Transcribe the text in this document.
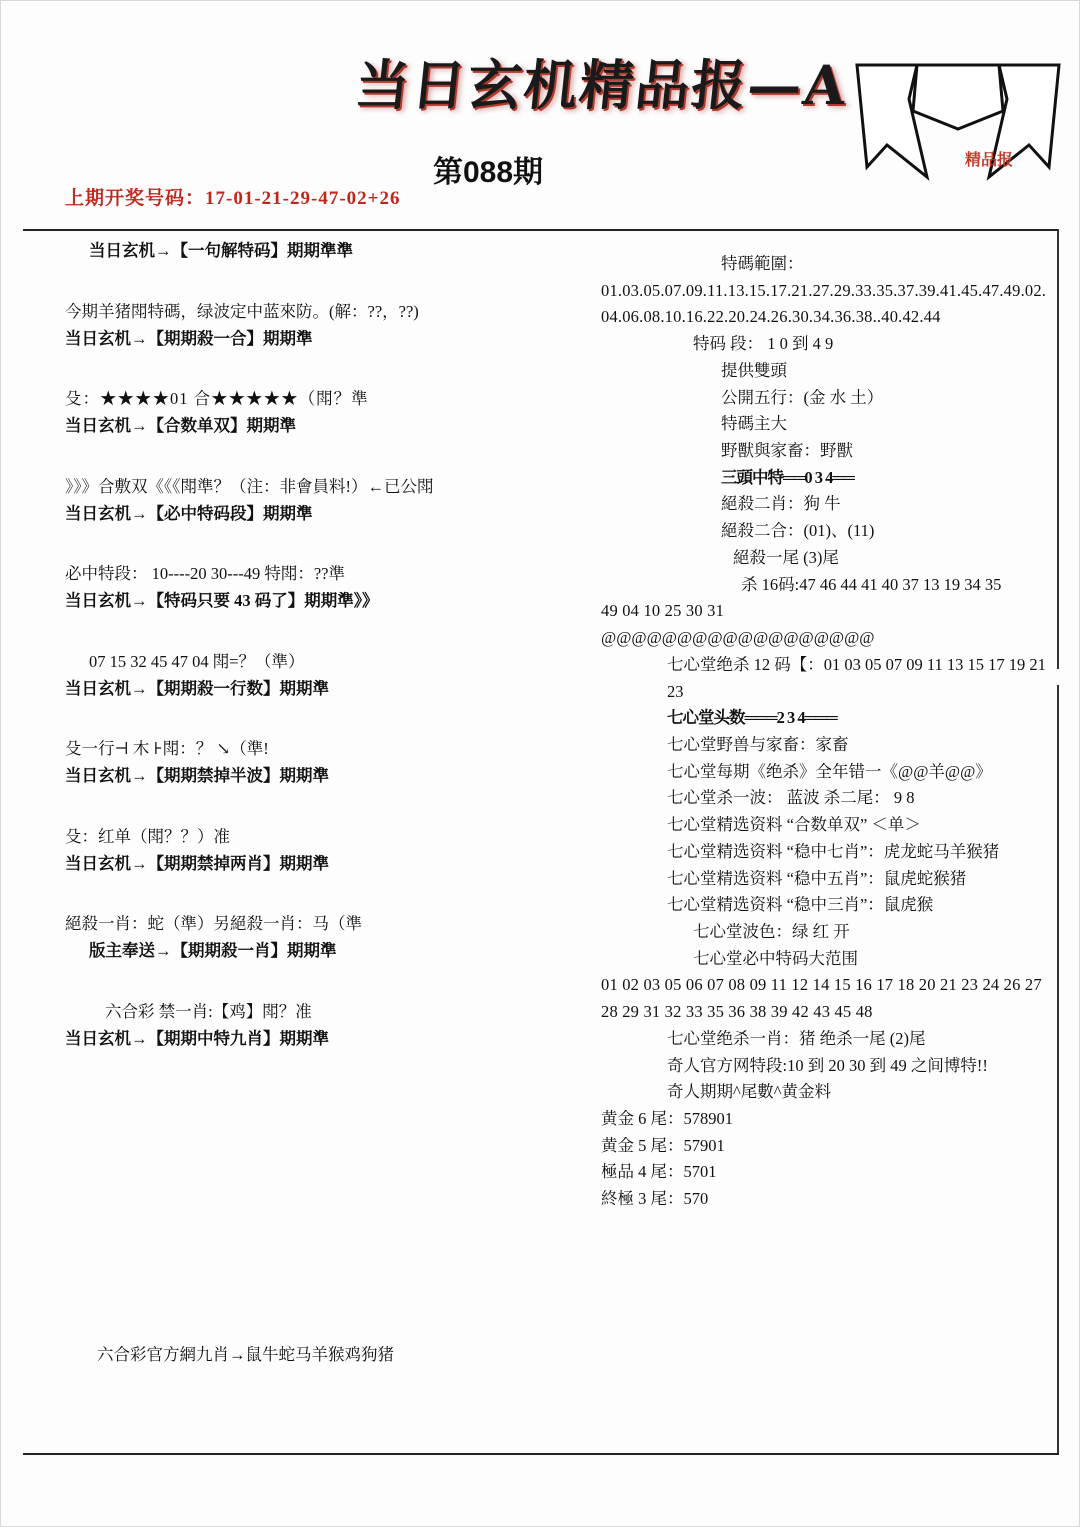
当日玄机精品报—A
精品报
第088期
上期开奖号码：17-01-21-29-47-02+26

当日玄机→【一句解特码】期期準準

今期羊猪閗特碼，绿波定中蓝來防。(解：??，??)

当日玄机→【期期殺一合】期期準

殳：★★★★01 合★★★★★（閗？準

当日玄机→【合数单双】期期準

》》》合敷双《《《閗準？（注：非會員料!）←已公閗

当日玄机→【必中特码段】期期準

必中特段： 10----20 30---49 特閗：??準

当日玄机→【特码只要 43 码了】期期準》》

07 15 32 45 47 04 閗=？（準）

当日玄机→【期期殺一行数】期期準

殳一行⊣ 木 ⊦閗：？ ↘（準!

当日玄机→【期期禁掉半波】期期準

殳：红单（閗？？）准

当日玄机→【期期禁掉两肖】期期準

絕殺一肖：蛇（準）另絕殺一肖：马（準

版主奉送→【期期殺一肖】期期準

六合彩 禁一肖:【鸡】閗？准

当日玄机→【期期中特九肖】期期準

六合彩官方網九肖→鼠牛蛇马羊猴鸡狗猪

特碼範圍：

01.03.05.07.09.11.13.15.17.21.27.29.33.35.37.39.41.45.47.49.02.04.06.08.10.16.22.20.24.26.30.34.36.38..40.42.44

特码 段： 1 0 到 4 9

提供雙頭

公開五行：(金 水 土）

特碼主大

野獸與家畜：野獸

三頭中特══0 3 4══

絕殺二肖：狗 牛

絕殺二合：(01)、(11)

絕殺一尾 (3)尾

杀 16码:47 46 44 41 40 37 13 19 34 35

49 04 10 25 30 31

@@@@@@@@@@@@@@@@@@

七心堂绝杀 12 码【：01 03 05 07 09 11 13 15 17 19 21 23

七心堂头数═══2 3 4═══

七心堂野兽与家畜：家畜

七心堂每期《绝杀》全年错一《@@羊@@》

七心堂杀一波： 蓝波 杀二尾： 9 8

七心堂精选资料 “合数单双” ＜单＞

七心堂精选资料 “稳中七肖”：虎龙蛇马羊猴猪

七心堂精选资料 “稳中五肖”：鼠虎蛇猴猪

七心堂精选资料 “稳中三肖”：鼠虎猴

七心堂波色：绿 红 开

七心堂必中特码大范围

01 02 03 05 06 07 08 09 11 12 14 15 16 17 18 20 21 23 24 26 27 28 29 31 32 33 35 36 38 39 42 43 45 48

七心堂绝杀一肖：猪 绝杀一尾 (2)尾

奇人官方网特段:10 到 20 30 到 49 之间博特!!

奇人期期^尾數^黄金料

黄金 6 尾：578901

黄金 5 尾：57901

極品 4 尾：5701

終極 3 尾：570
